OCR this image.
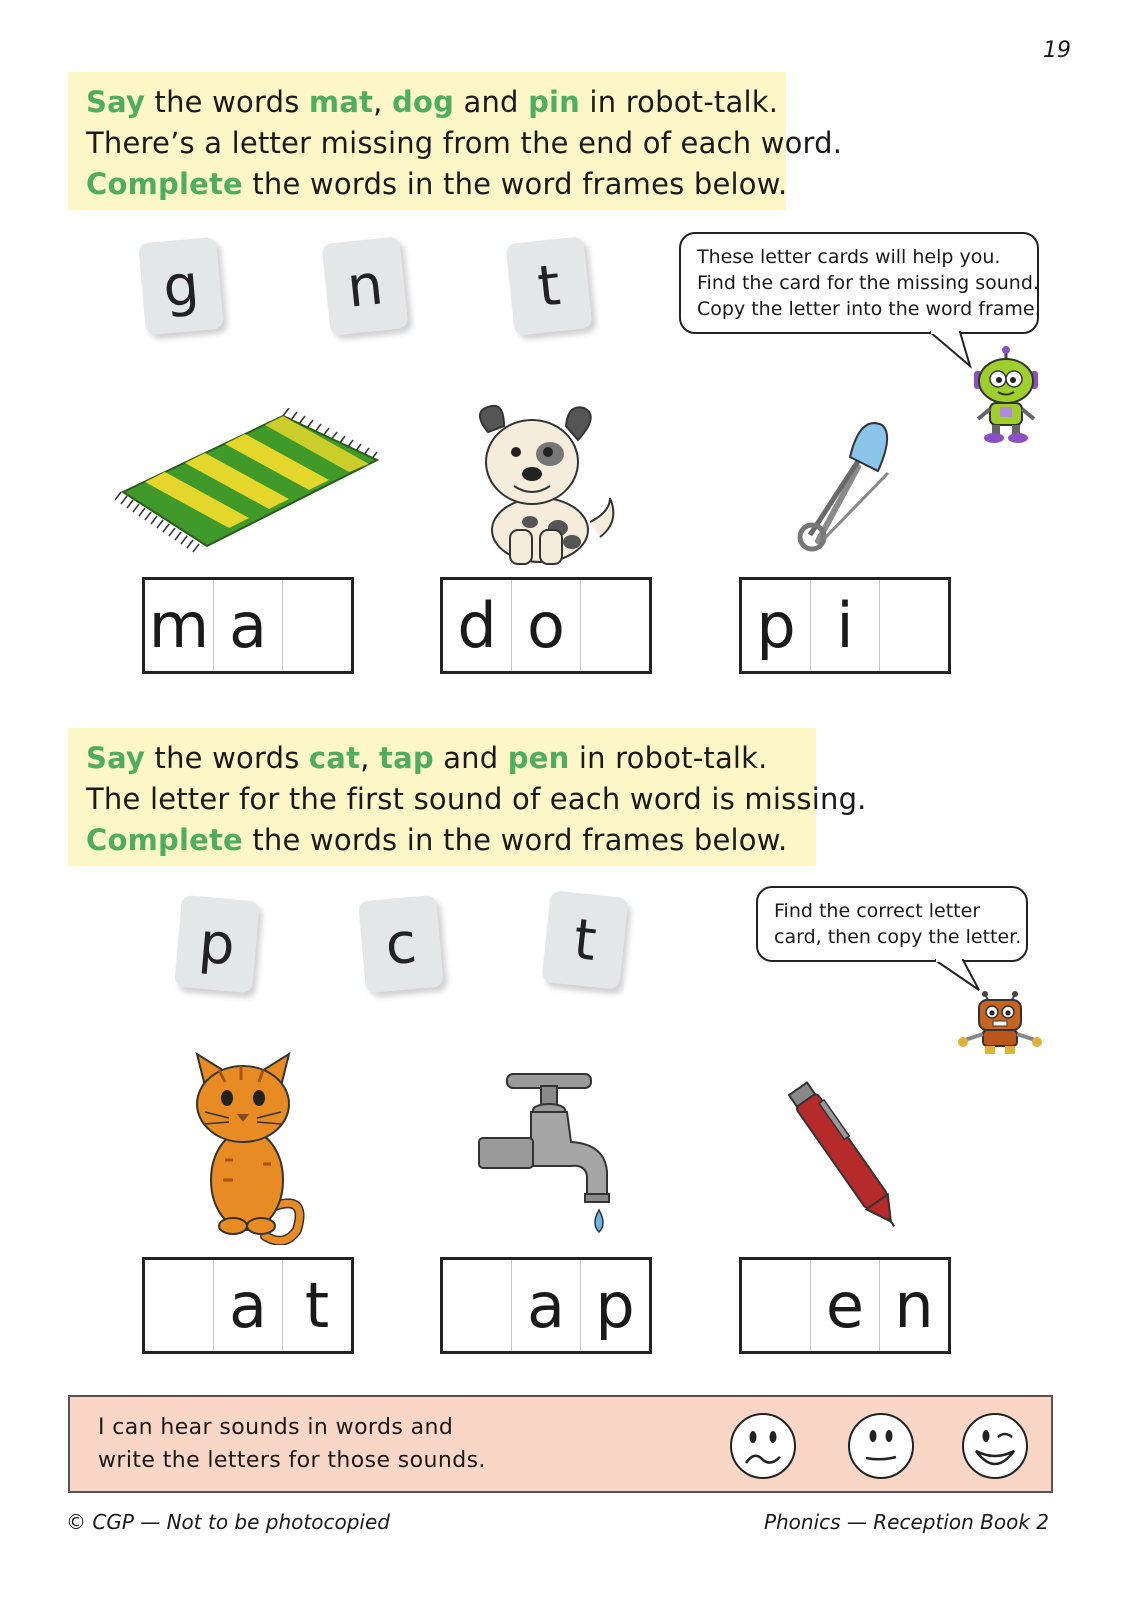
19
Say the words mat, dog and pin in robot-talk.
There’s a letter missing from the end of each word.
Complete the words in the word frames below.
g	n	t	These letter cards will help you.
Find the card for the missing sound.
Copy the letter into the word frame.
m a	d o	p i
Say the words cat, tap and pen in robot-talk.
The letter for the first sound of each word is missing.
Complete the words in the word frames below.
p	c	t	Find the correct letter
card, then copy the letter.
a t	a p	e n
I can hear sounds in words and
write the letters for those sounds.
© CGP — Not to be photocopied	Phonics — Reception Book 2
